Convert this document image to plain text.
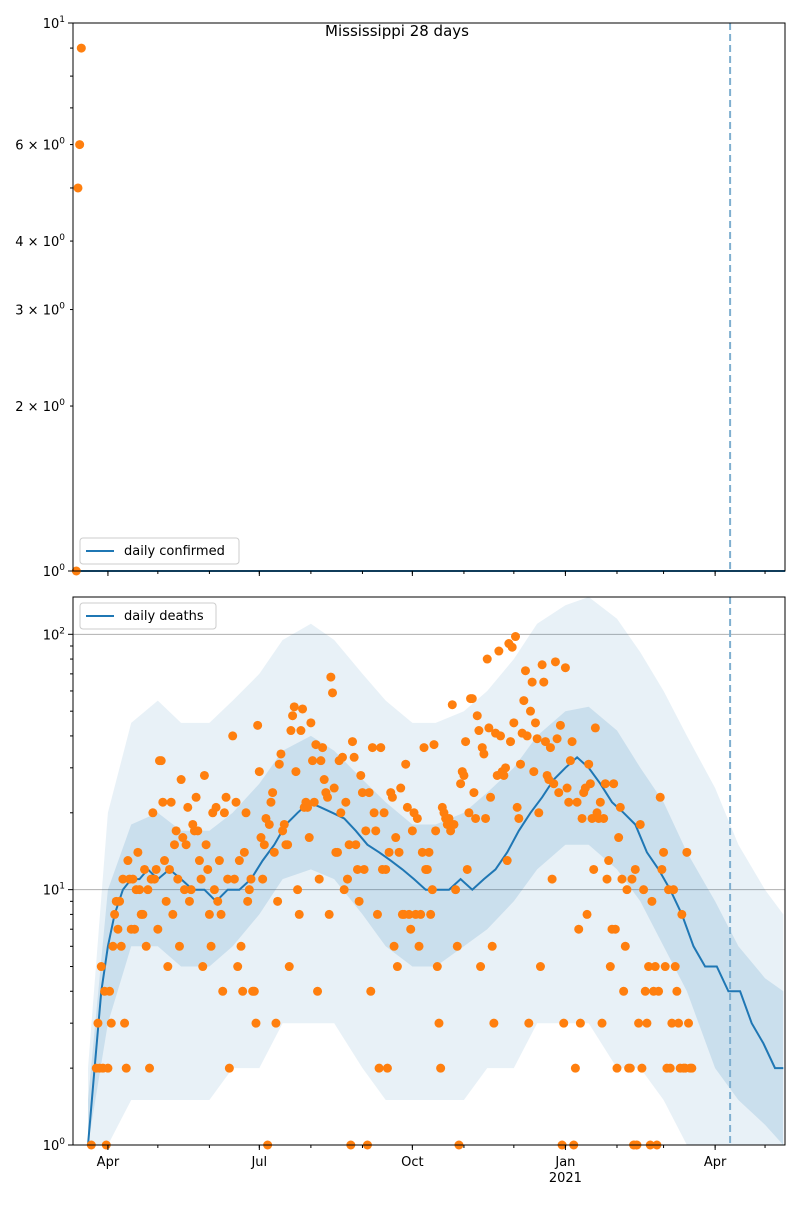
$10^0$
$2 \times 10^0$
$3 \times 10^0$
$4 \times 10^0$
$6 \times 10^0$
$10^1$
Mississippi 28 days
daily confirmed
$10^0$
$10^1$
$10^2$
Apr	Jul	Oct	Jan
2021
Apr
daily deaths
